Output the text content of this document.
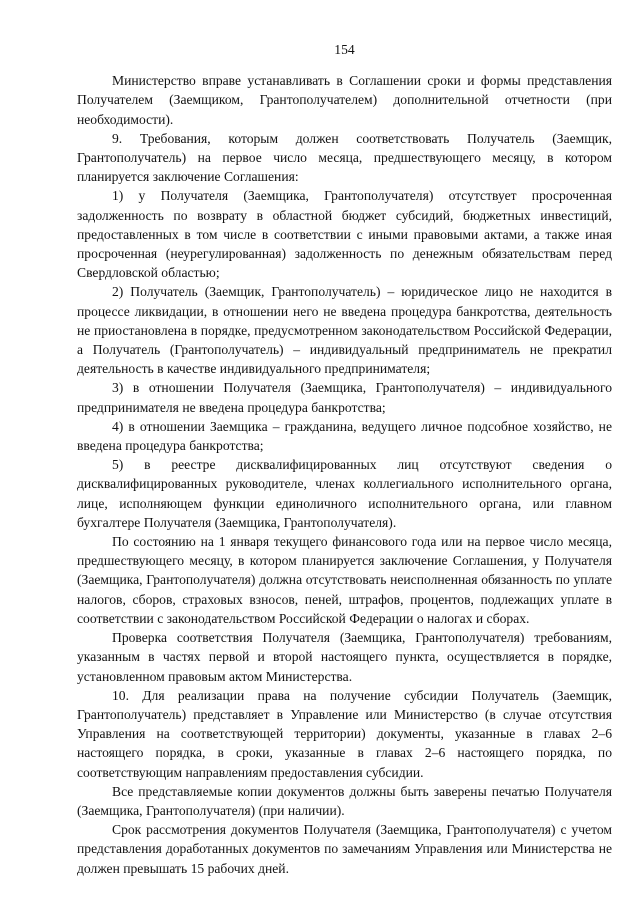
154

Министерство вправе устанавливать в Соглашении сроки и формы представления Получателем (Заемщиком, Грантополучателем) дополнительной отчетности (при необходимости).

9. Требования, которым должен соответствовать Получатель (Заемщик, Грантополучатель) на первое число месяца, предшествующего месяцу, в котором планируется заключение Соглашения:

1) у Получателя (Заемщика, Грантополучателя) отсутствует просроченная задолженность по возврату в областной бюджет субсидий, бюджетных инвестиций, предоставленных в том числе в соответствии с иными правовыми актами, а также иная просроченная (неурегулированная) задолженность по денежным обязательствам перед Свердловской областью;

2) Получатель (Заемщик, Грантополучатель) – юридическое лицо не находится в процессе ликвидации, в отношении него не введена процедура банкротства, деятельность не приостановлена в порядке, предусмотренном законодательством Российской Федерации, а Получатель (Грантополучатель) – индивидуальный предприниматель не прекратил деятельность в качестве индивидуального предпринимателя;

3) в отношении Получателя (Заемщика, Грантополучателя) – индивидуального предпринимателя не введена процедура банкротства;

4) в отношении Заемщика – гражданина, ведущего личное подсобное хозяйство, не введена процедура банкротства;

5) в реестре дисквалифицированных лиц отсутствуют сведения о дисквалифицированных руководителе, членах коллегиального исполнительного органа, лице, исполняющем функции единоличного исполнительного органа, или главном бухгалтере Получателя (Заемщика, Грантополучателя).

По состоянию на 1 января текущего финансового года или на первое число месяца, предшествующего месяцу, в котором планируется заключение Соглашения, у Получателя (Заемщика, Грантополучателя) должна отсутствовать неисполненная обязанность по уплате налогов, сборов, страховых взносов, пеней, штрафов, процентов, подлежащих уплате в соответствии с законодательством Российской Федерации о налогах и сборах.

Проверка соответствия Получателя (Заемщика, Грантополучателя) требованиям, указанным в частях первой и второй настоящего пункта, осуществляется в порядке, установленном правовым актом Министерства.

10. Для реализации права на получение субсидии Получатель (Заемщик, Грантополучатель) представляет в Управление или Министерство (в случае отсутствия Управления на соответствующей территории) документы, указанные в главах 2–6 настоящего порядка, в сроки, указанные в главах 2–6 настоящего порядка, по соответствующим направлениям предоставления субсидии.

Все представляемые копии документов должны быть заверены печатью Получателя (Заемщика, Грантополучателя) (при наличии).

Срок рассмотрения документов Получателя (Заемщика, Грантополучателя) с учетом представления доработанных документов по замечаниям Управления или Министерства не должен превышать 15 рабочих дней.
